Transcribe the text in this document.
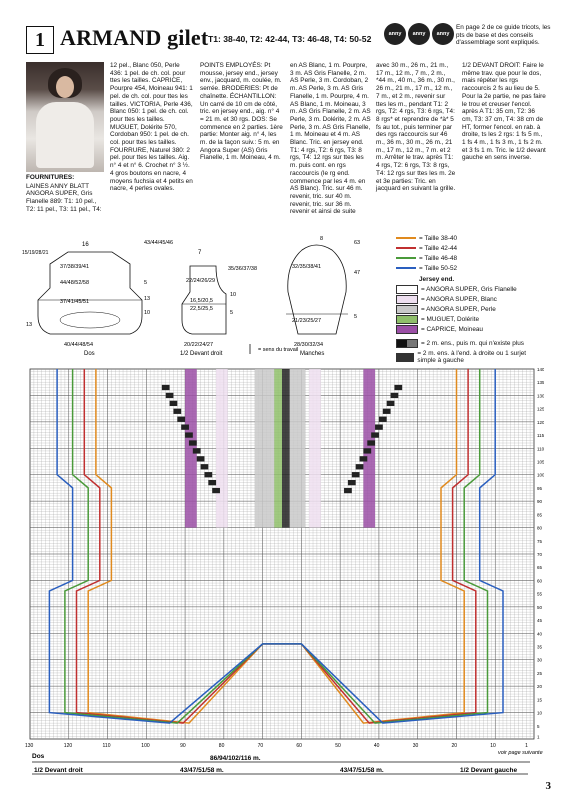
1 ARMAND gilet T1: 38-40, T2: 42-44, T3: 46-48, T4: 50-52	anny blatt
anny blatt
anny blatt
En page 2 de ce guide tricots, les pts de base et des conseils d'assemblage sont expliqués.

FOURNITURES:

LAINES ANNY BLATT ANGORA SUPER, Gris Flanelle 889: T1: 10 pel., T2: 11 pel., T3: 11 pel., T4:

12 pel., Blanc 050, Perle 436: 1 pel. de ch. col. pour ttes les tailles. CAPRICE, Pourpre 454, Moineau 941: 1 pel. de ch. col. pour ttes les tailles. VICTORIA, Perle 436, Blanc 050: 1 pel. de ch. col. pour ttes les tailles. MUGUET, Dolérite 570, Cordoban 950: 1 pel. de ch. col. pour ttes les tailles. FOURRURE, Naturel 380: 2 pel. pour ttes les tailles. Aig. n° 4 et n° 6. Crochet n° 3 ½. 4 gros boutons en nacre, 4 moyens fuchsia et 4 petits en nacre, 4 perles ovales.

POINTS EMPLOYÉS: Pt mousse, jersey end., jersey env., jacquard, m. coulée, m. serrée. BRODERIES: Pt de chaînette. ÉCHANTILLON: Un carré de 10 cm de côté, tric. en jersey end., aig. n° 4 = 21 m. et 30 rgs. DOS: Se commence en 2 parties. 1ère partie: Monter aig. n° 4, les m. de la façon suiv.: 5 m. en Angora Super (AS) Gris Flanelle, 1 m. Moineau, 4 m.

en AS Blanc, 1 m. Pourpre, 3 m. AS Gris Flanelle, 2 m. AS Perle, 3 m. Cordoban, 2 m. AS Perle, 3 m. AS Gris Flanelle, 1 m. Pourpre, 4 m. AS Blanc, 1 m. Moineau, 3 m. AS Gris Flanelle, 2 m. AS Perle, 3 m. Dolérite, 2 m. AS Perle, 3 m. AS Gris Flanelle, 1 m. Moineau et 4 m. AS Blanc. Tric. en jersey end. T1: 4 rgs, T2: 6 rgs, T3: 8 rgs, T4: 12 rgs sur ttes les m. puis cont. en rgs raccourcis (le rg end. commence par les 4 m. en AS Blanc). Tric. sur 46 m. revenir, tric. sur 40 m. revenir, tric. sur 36 m. revenir et ainsi de suite

avec 30 m., 26 m., 21 m., 17 m., 12 m., 7 m., 2 m., *44 m., 40 m., 36 m., 30 m., 26 m., 21 m., 17 m., 12 m., 7 m., et 2 m., revenir sur ttes les m., pendant T1: 2 rgs, T2: 4 rgs, T3: 6 rgs, T4: 8 rgs* et reprendre de *à* 5 fs au tot., puis terminer par des rgs raccourcis sur 46 m., 36 m., 30 m., 26 m., 21 m., 17 m., 12 m., 7 m. et 2 m. Arrêter le trav. après T1: 4 rgs, T2: 6 rgs, T3: 8 rgs, T4: 12 rgs sur ttes les m. 2e et 3e parties: Tric. en jacquard en suivant la grille.

1/2 DEVANT DROIT: Faire le même trav. que pour le dos, mais répéter les rgs raccourcis 2 fs au lieu de 5. Pour la 2e partie, ne pas faire le trou et creuser l'encol. après A T1: 35 cm, T2: 36 cm, T3: 37 cm, T4: 38 cm de HT, former l'encol. en rab. à droite, ts les 2 rgs: 1 fs 5 m., 1 fs 4 m., 1 fs 3 m., 1 fs 2 m. et 3 fs 1 m. Tric. le 1/2 devant gauche en sens inverse.

16
37/38/39/41
44/48/52/58
37/41/45/51
40/44/48/54
Dos
15/19/28/21
43/44/45/46
5
13
10
13
7
22/24/26/29
16,5/20,5
22,5/25,5
20/22/24/27
1/2 Devant droit
35/36/37/38
10
5
= sens du travail
32/35/38/41
21/23/25/27
28/30/32/34
Manches
8
63
47
5
= Taille 38-40
= Taille 42-44
= Taille 46-48
= Taille 50-52
Jersey end.
= ANGORA SUPER, Gris Flanelle
= ANGORA SUPER, Blanc
= ANGORA SUPER, Perle
= MUGUET, Dolérite
= CAPRICE, Moineau
= 2 m. ens., puis m. qui n'existe plus
= 2 m. ens. à l'end. à droite ou 1 surjet simple à gauche
140
135
130
125
120
115
110
105
100
95
90
85
80
75
70
65
60
55
50
45
40
35
30
25
20
15
10
5
1
130	120	110	100	90	80	70	60	50	40	30	20	10	1
Dos	86/94/102/116 m.
1/2 Devant droit	43/47/51/58 m.	43/47/51/58 m.	1/2 Devant gauche
voir page suivante
3
